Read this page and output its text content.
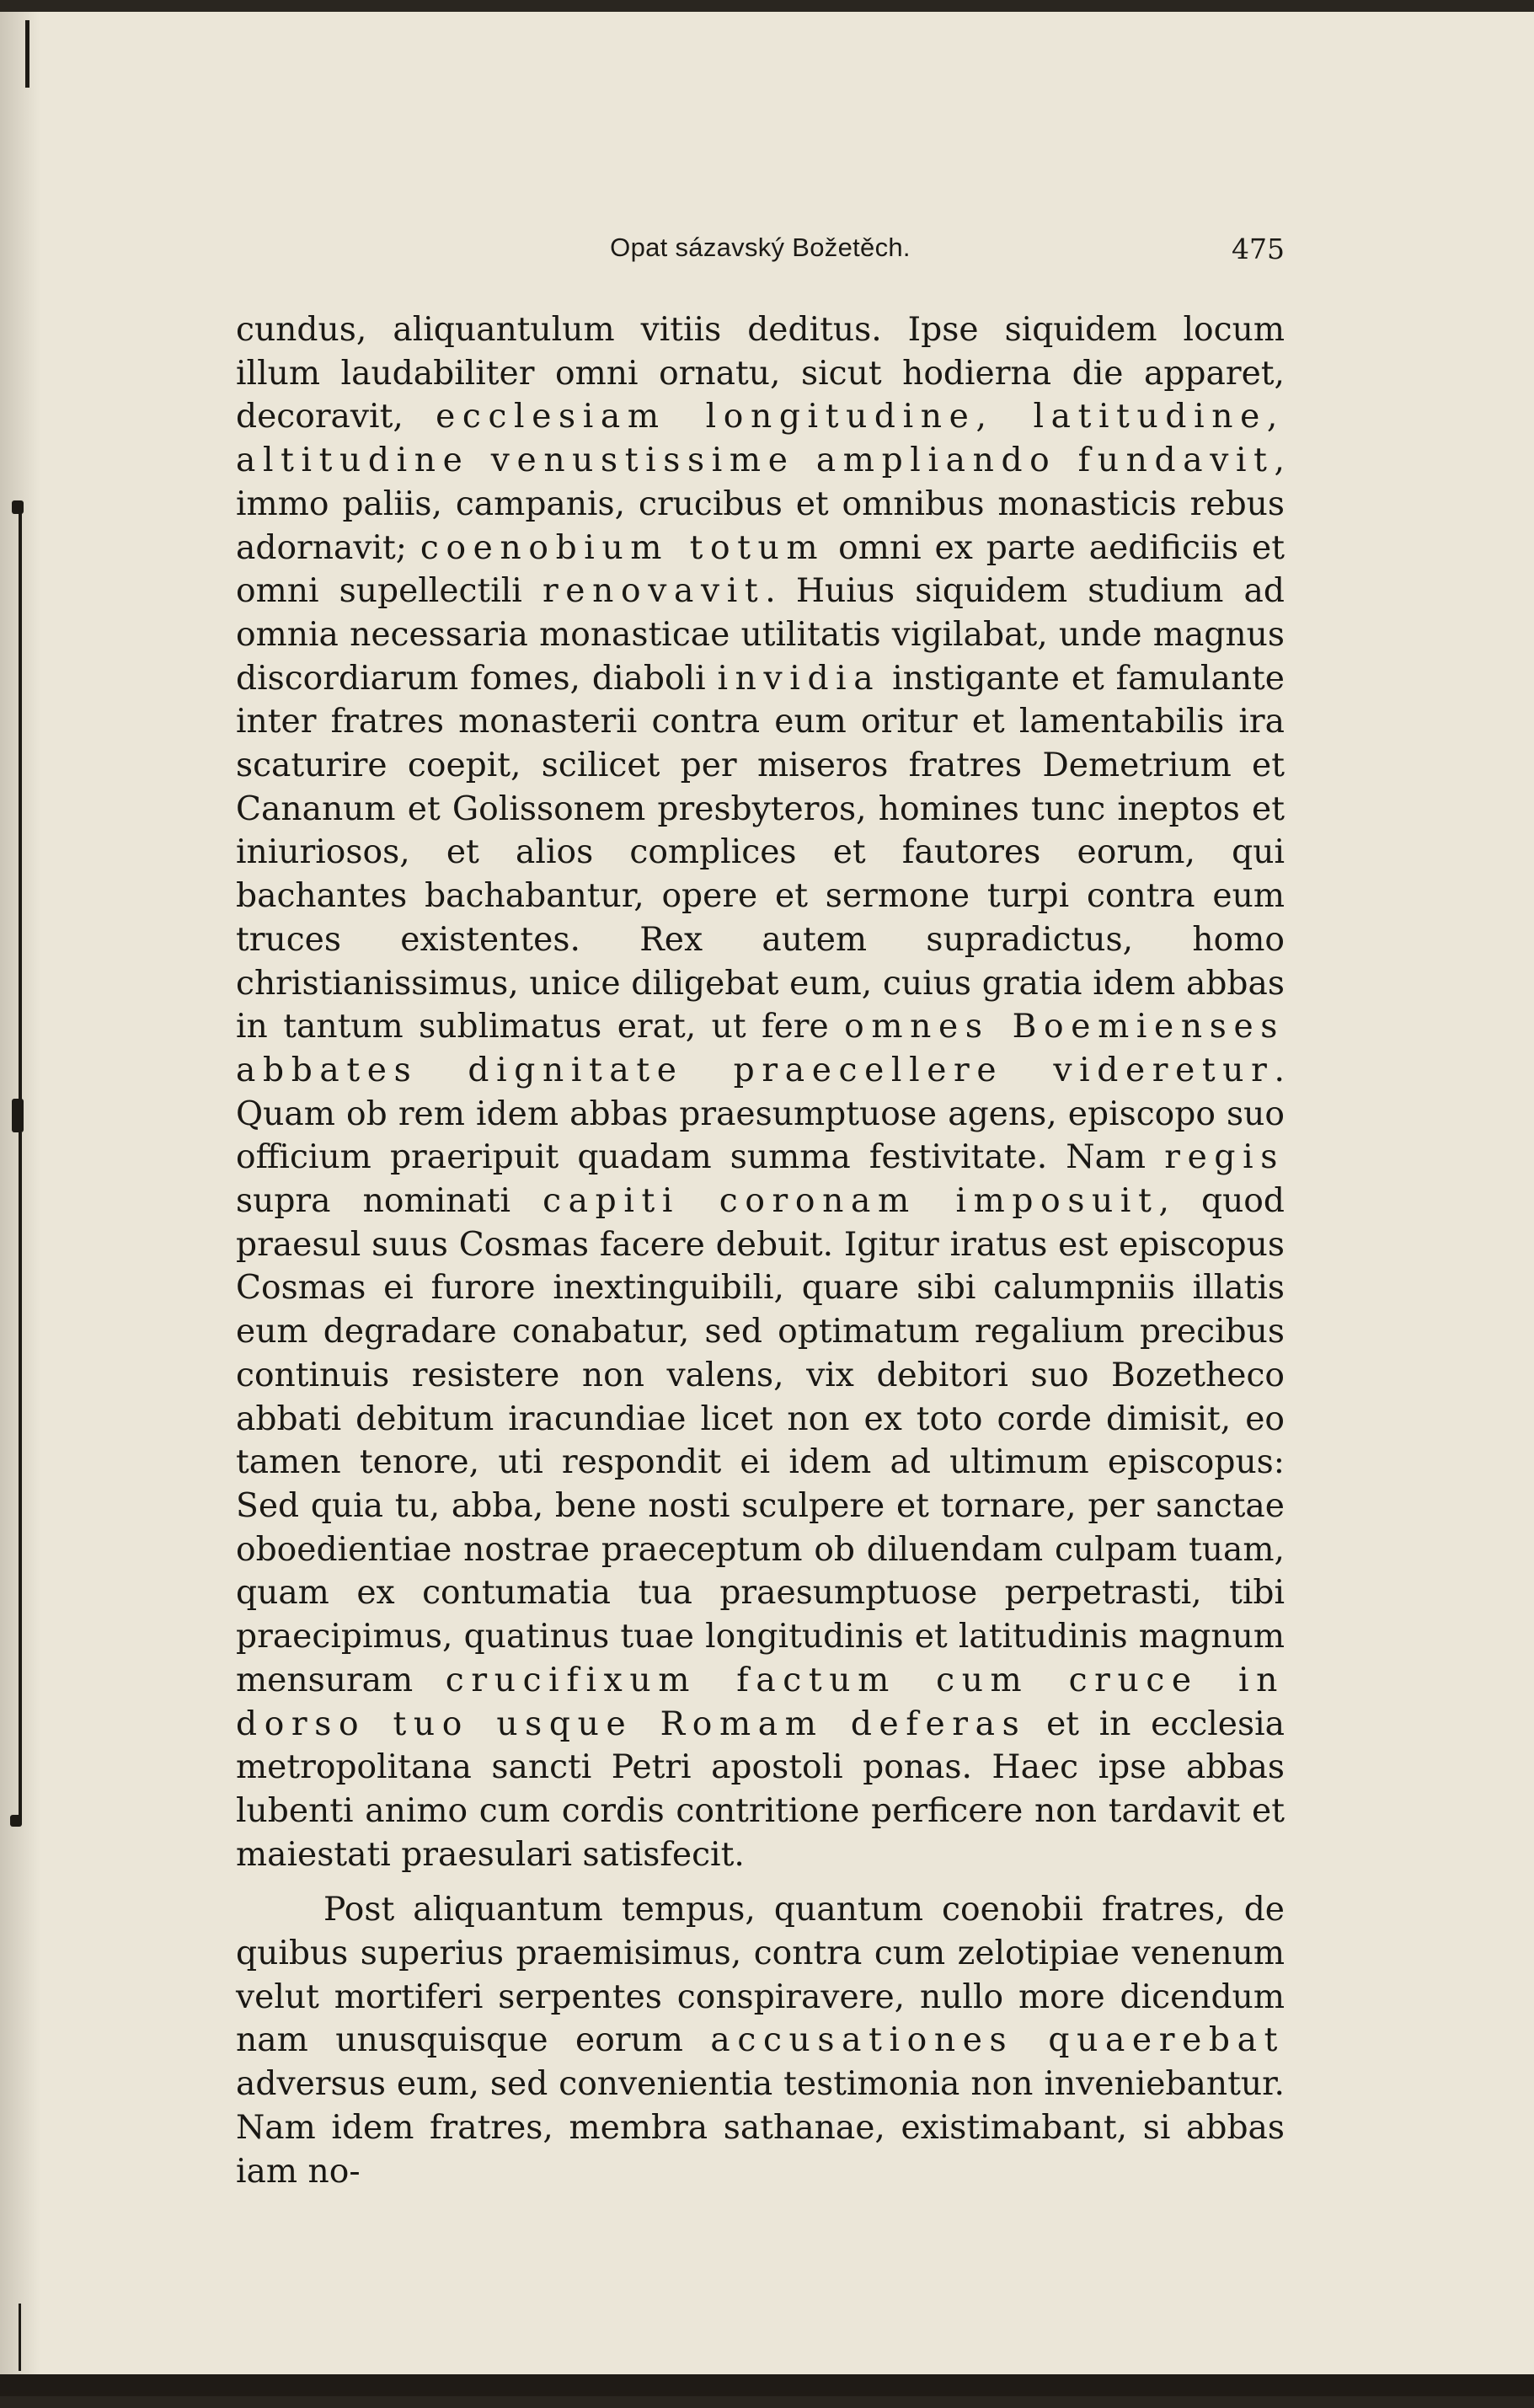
Opat sázavský Božetěch.	475

cundus, aliquantulum vitiis deditus. Ipse siquidem locum illum laudabiliter omni ornatu, sicut hodierna die apparet, decoravit, ecclesiam longitudine, latitudine, altitudine venustissime ampliando fundavit, immo paliis, campanis, crucibus et omnibus monasticis rebus adornavit; coenobium totum omni ex parte aedificiis et omni supellectili renovavit. Huius siquidem studium ad omnia necessaria monasticae utilitatis vigilabat, unde magnus discordiarum fomes, diaboli invidia instigante et famulante inter fratres monasterii contra eum oritur et lamentabilis ira scaturire coepit, scilicet per miseros fratres Demetrium et Cananum et Golissonem presbyteros, homines tunc ineptos et iniuriosos, et alios complices et fautores eorum, qui bachantes bachabantur, opere et sermone turpi contra eum truces existentes. Rex autem supradictus, homo christianissimus, unice diligebat eum, cuius gratia idem abbas in tantum sublimatus erat, ut fere omnes Boemienses abbates dignitate praecellere videretur. Quam ob rem idem abbas praesumptuose agens, episcopo suo officium praeripuit quadam summa festivitate. Nam regis supra nominati capiti coronam imposuit, quod praesul suus Cosmas facere debuit. Igitur iratus est episcopus Cosmas ei furore inextinguibili, quare sibi calumpniis illatis eum degradare conabatur, sed optimatum regalium precibus continuis resistere non valens, vix debitori suo Bozetheco abbati debitum iracundiae licet non ex toto corde dimisit, eo tamen tenore, uti respondit ei idem ad ultimum episcopus: Sed quia tu, abba, bene nosti sculpere et tornare, per sanctae oboedientiae nostrae praeceptum ob diluendam culpam tuam, quam ex contumatia tua praesumptuose perpetrasti, tibi praecipimus, quatinus tuae longitudinis et latitudinis magnum mensuram crucifixum factum cum cruce in dorso tuo usque Romam deferas et in ecclesia metropolitana sancti Petri apostoli ponas. Haec ipse abbas lubenti animo cum cordis contritione perficere non tardavit et maiestati praesulari satisfecit.

Post aliquantum tempus, quantum coenobii fratres, de quibus superius praemisimus, contra cum zelotipiae venenum velut mortiferi serpentes conspiravere, nullo more dicendum nam unusquisque eorum accusationes quaerebat adversus eum, sed convenientia testimonia non inveniebantur. Nam idem fratres, membra sathanae, existimabant, si abbas iam no-
